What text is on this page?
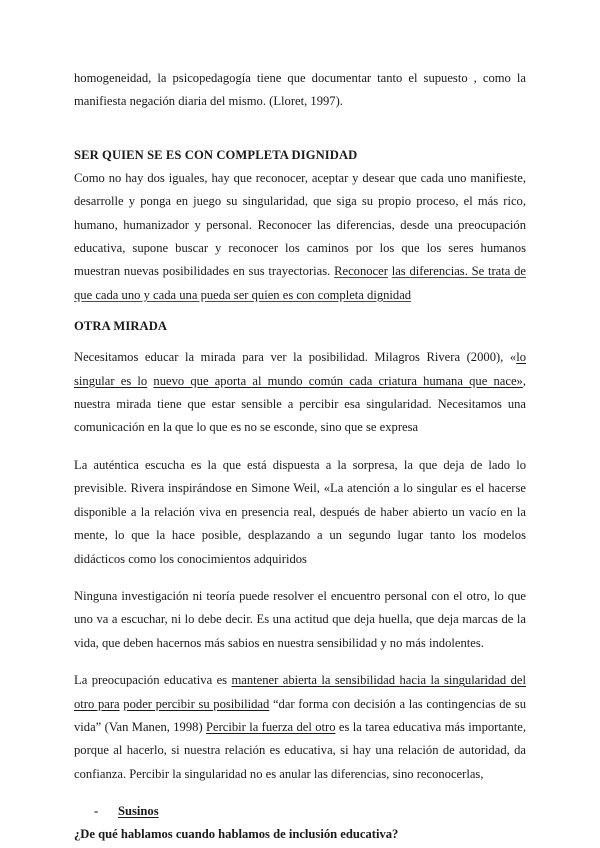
homogeneidad, la psicopedagogía tiene que documentar tanto el supuesto , como la manifiesta negación diaria del mismo. (Lloret, 1997).

SER QUIEN SE ES CON COMPLETA DIGNIDAD

Como no hay dos iguales, hay que reconocer, aceptar y desear que cada uno manifieste, desarrolle y ponga en juego su singularidad, que siga su propio proceso, el más rico, humano, humanizador y personal. Reconocer las diferencias, desde una preocupación educativa, supone buscar y reconocer los caminos por los que los seres humanos muestran nuevas posibilidades en sus trayectorias. Reconocer las diferencias. Se trata de que cada uno y cada una pueda ser quien es con completa dignidad

OTRA MIRADA

Necesitamos educar la mirada para ver la posibilidad. Milagros Rivera (2000), «lo singular es lo nuevo que aporta al mundo común cada criatura humana que nace», nuestra mirada tiene que estar sensible a percibir esa singularidad. Necesitamos una comunicación en la que lo que es no se esconde, sino que se expresa

La auténtica escucha es la que está dispuesta a la sorpresa, la que deja de lado lo previsible. Rivera inspirándose en Simone Weil, «La atención a lo singular es el hacerse disponible a la relación viva en presencia real, después de haber abierto un vacío en la mente, lo que la hace posible, desplazando a un segundo lugar tanto los modelos didácticos como los conocimientos adquiridos

Ninguna investigación ni teoría puede resolver el encuentro personal con el otro, lo que uno va a escuchar, ni lo debe decir. Es una actitud que deja huella, que deja marcas de la vida, que deben hacernos más sabios en nuestra sensibilidad y no más indolentes.

La preocupación educativa es mantener abierta la sensibilidad hacia la singularidad del otro para poder percibir su posibilidad “dar forma con decisión a las contingencias de su vida” (Van Manen, 1998) Percibir la fuerza del otro es la tarea educativa más importante, porque al hacerlo, si nuestra relación es educativa, si hay una relación de autoridad, da confianza. Percibir la singularidad no es anular las diferencias, sino reconocerlas,

-	Susinos

¿De qué hablamos cuando hablamos de inclusión educativa?
